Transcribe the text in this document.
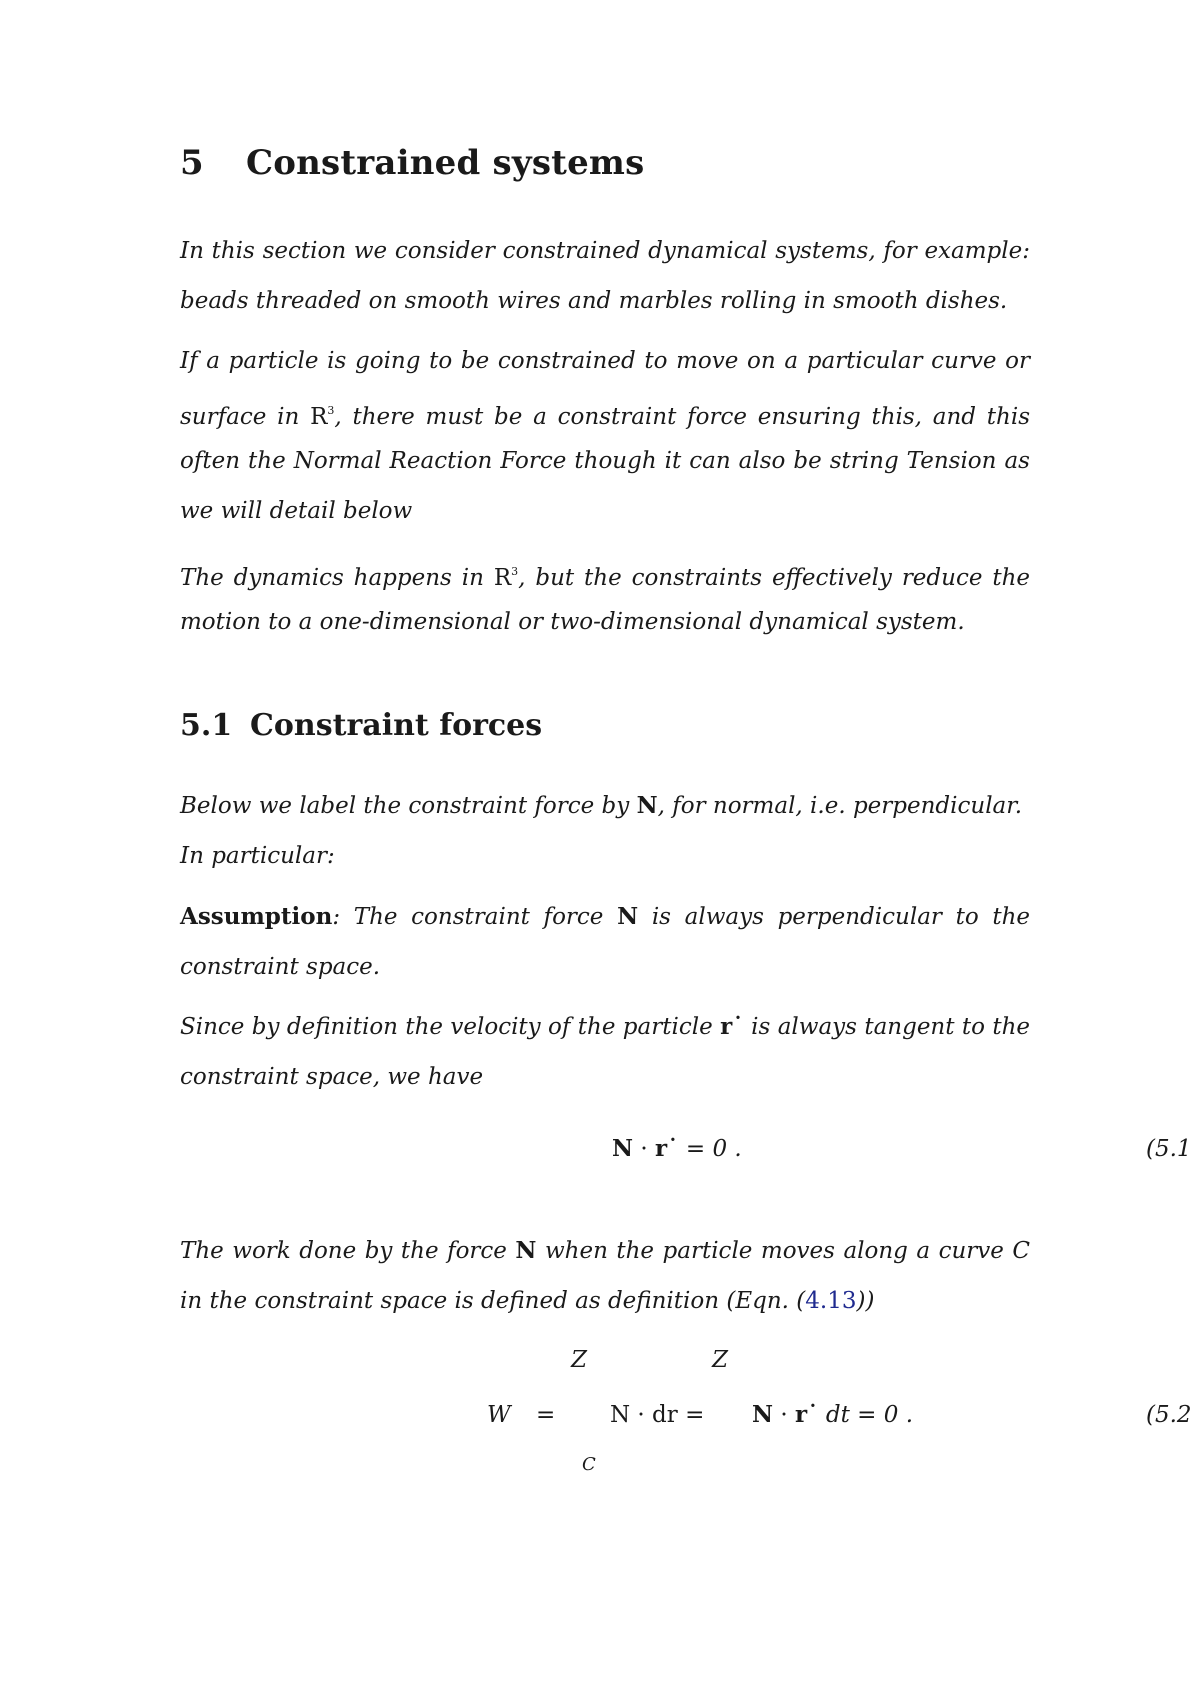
5 Constrained systems
In this section we consider constrained dynamical systems, for example:
beads threaded on smooth wires and marbles rolling in smooth dishes.
If a particle is going to be constrained to move on a particular curve or
surface in $R^3$, there must be a constraint force ensuring this, and this
often the Normal Reaction Force though it can also be string Tension as
we will detail below
The dynamics happens in $R^3$, but the constraints effectively reduce the
motion to a one-dimensional or two-dimensional dynamical system.
5.1 Constraint forces
Below we label the constraint force by N, for normal, i.e. perpendicular.
In particular:
Assumption: The constraint force N is always perpendicular to the
constraint space.
Since by definition the velocity of the particle r˙ is always tangent to the
constraint space, we have
N · r˙ = 0 .	(5.1
The work done by the force N when the particle moves along a curve C
in the constraint space is defined as definition (Eqn. (4.13))
Z	Z
W = N · dr = N · r˙ dt = 0 .	(5.2
C
